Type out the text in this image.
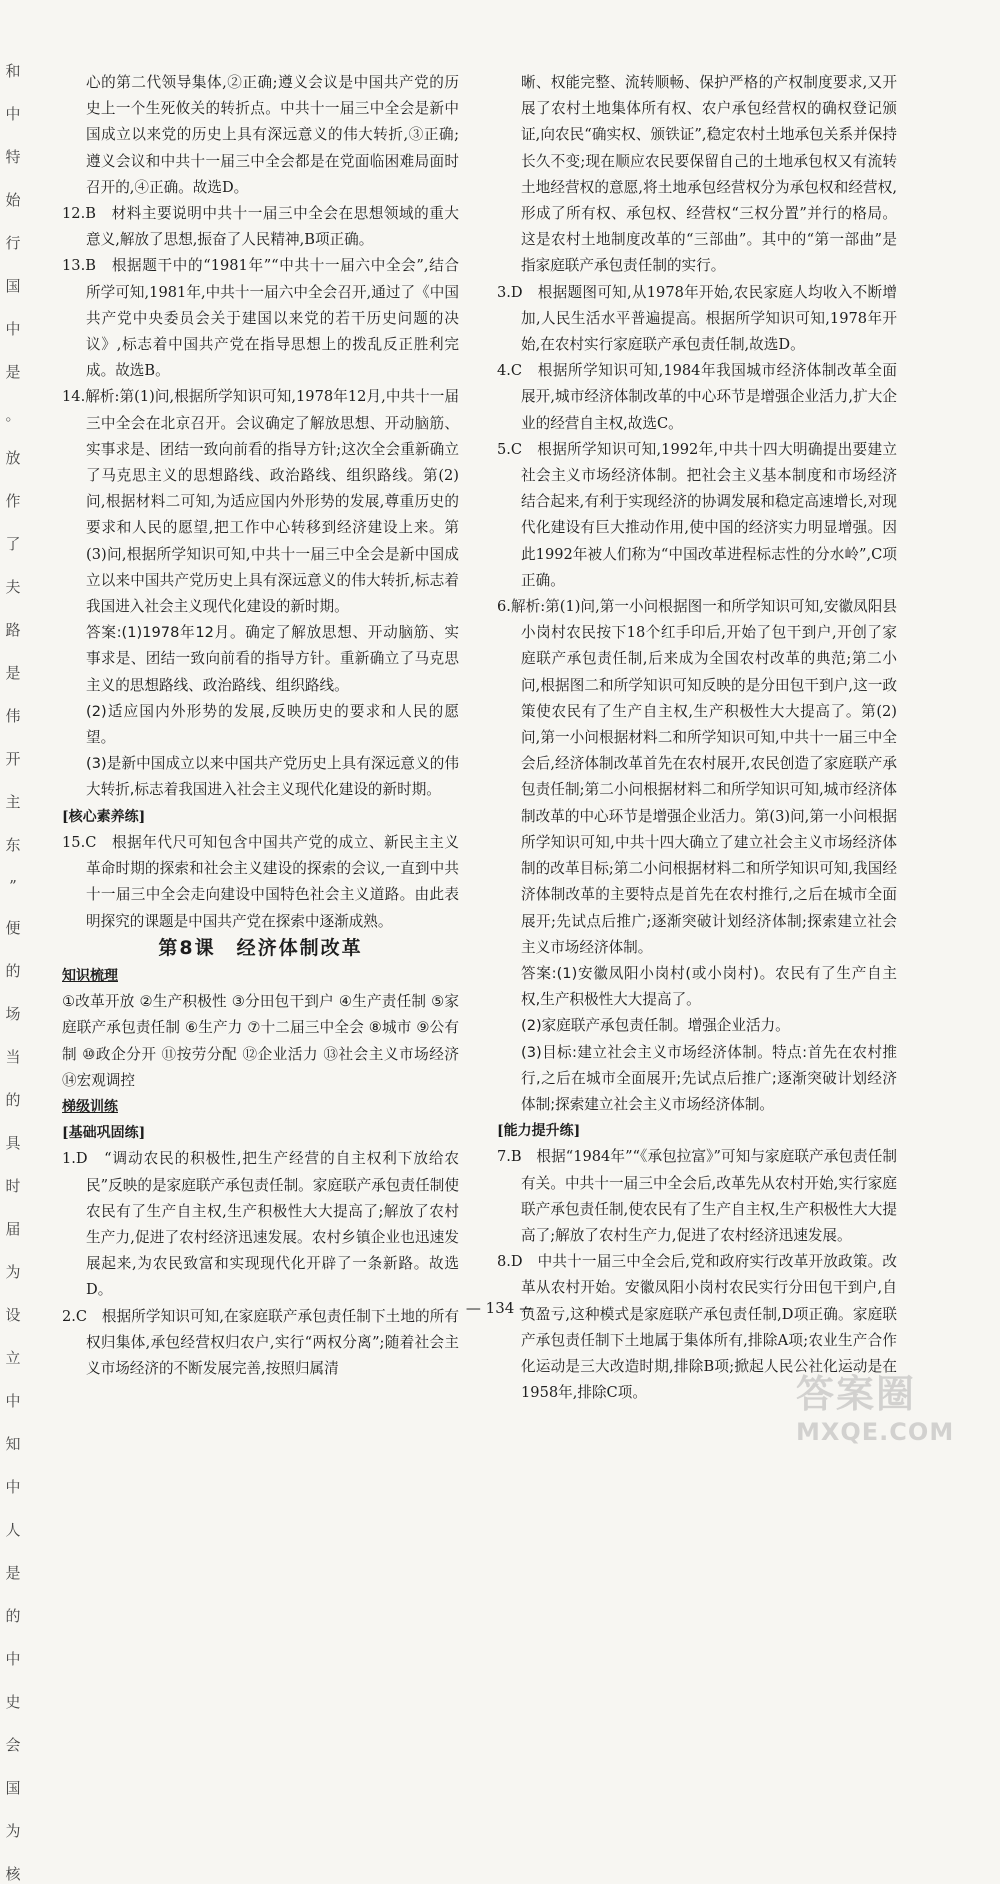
和
中
特
始
行
国
中
是
。
放
作
了
夫
路
是
伟
开
主
东
”
便
的
场
当
的
具
时
届
为
设
立
中
知
中
人
是
的
中
史
会
国
为
核

心的第二代领导集体,②正确;遵义会议是中国共产党的历史上一个生死攸关的转折点。中共十一届三中全会是新中国成立以来党的历史上具有深远意义的伟大转折,③正确;遵义会议和中共十一届三中全会都是在党面临困难局面时召开的,④正确。故选D。

12.B　材料主要说明中共十一届三中全会在思想领域的重大意义,解放了思想,振奋了人民精神,B项正确。

13.B　根据题干中的“1981年”“中共十一届六中全会”,结合所学可知,1981年,中共十一届六中全会召开,通过了《中国共产党中央委员会关于建国以来党的若干历史问题的决议》,标志着中国共产党在指导思想上的拨乱反正胜利完成。故选B。

14.解析:第(1)问,根据所学知识可知,1978年12月,中共十一届三中全会在北京召开。会议确定了解放思想、开动脑筋、实事求是、团结一致向前看的指导方针;这次全会重新确立了马克思主义的思想路线、政治路线、组织路线。第(2)问,根据材料二可知,为适应国内外形势的发展,尊重历史的要求和人民的愿望,把工作中心转移到经济建设上来。第(3)问,根据所学知识可知,中共十一届三中全会是新中国成立以来中国共产党历史上具有深远意义的伟大转折,标志着我国进入社会主义现代化建设的新时期。

答案:(1)1978年12月。确定了解放思想、开动脑筋、实事求是、团结一致向前看的指导方针。重新确立了马克思主义的思想路线、政治路线、组织路线。

(2)适应国内外形势的发展,反映历史的要求和人民的愿望。

(3)是新中国成立以来中国共产党历史上具有深远意义的伟大转折,标志着我国进入社会主义现代化建设的新时期。

[核心素养练]

15.C　根据年代尺可知包含中国共产党的成立、新民主主义革命时期的探索和社会主义建设的探索的会议,一直到中共十一届三中全会走向建设中国特色社会主义道路。由此表明探究的课题是中国共产党在探索中逐渐成熟。

第8课　经济体制改革

知识梳理

①改革开放 ②生产积极性 ③分田包干到户 ④生产责任制 ⑤家庭联产承包责任制 ⑥生产力 ⑦十二届三中全会 ⑧城市 ⑨公有制 ⑩政企分开 ⑪按劳分配 ⑫企业活力 ⑬社会主义市场经济 ⑭宏观调控

梯级训练

[基础巩固练]

1.D　“调动农民的积极性,把生产经营的自主权利下放给农民”反映的是家庭联产承包责任制。家庭联产承包责任制使农民有了生产自主权,生产积极性大大提高了;解放了农村生产力,促进了农村经济迅速发展。农村乡镇企业也迅速发展起来,为农民致富和实现现代化开辟了一条新路。故选D。

2.C　根据所学知识可知,在家庭联产承包责任制下土地的所有权归集体,承包经营权归农户,实行“两权分离”;随着社会主义市场经济的不断发展完善,按照归属清

晰、权能完整、流转顺畅、保护严格的产权制度要求,又开展了农村土地集体所有权、农户承包经营权的确权登记颁证,向农民“确实权、颁铁证”,稳定农村土地承包关系并保持长久不变;现在顺应农民要保留自己的土地承包权又有流转土地经营权的意愿,将土地承包经营权分为承包权和经营权,形成了所有权、承包权、经营权“三权分置”并行的格局。这是农村土地制度改革的“三部曲”。其中的“第一部曲”是指家庭联产承包责任制的实行。

3.D　根据题图可知,从1978年开始,农民家庭人均收入不断增加,人民生活水平普遍提高。根据所学知识可知,1978年开始,在农村实行家庭联产承包责任制,故选D。

4.C　根据所学知识可知,1984年我国城市经济体制改革全面展开,城市经济体制改革的中心环节是增强企业活力,扩大企业的经营自主权,故选C。

5.C　根据所学知识可知,1992年,中共十四大明确提出要建立社会主义市场经济体制。把社会主义基本制度和市场经济结合起来,有利于实现经济的协调发展和稳定高速增长,对现代化建设有巨大推动作用,使中国的经济实力明显增强。因此1992年被人们称为“中国改革进程标志性的分水岭”,C项正确。

6.解析:第(1)问,第一小问根据图一和所学知识可知,安徽凤阳县小岗村农民按下18个红手印后,开始了包干到户,开创了家庭联产承包责任制,后来成为全国农村改革的典范;第二小问,根据图二和所学知识可知反映的是分田包干到户,这一政策使农民有了生产自主权,生产积极性大大提高了。第(2)问,第一小问根据材料二和所学知识可知,中共十一届三中全会后,经济体制改革首先在农村展开,农民创造了家庭联产承包责任制;第二小问根据材料二和所学知识可知,城市经济体制改革的中心环节是增强企业活力。第(3)问,第一小问根据所学知识可知,中共十四大确立了建立社会主义市场经济体制的改革目标;第二小问根据材料二和所学知识可知,我国经济体制改革的主要特点是首先在农村推行,之后在城市全面展开;先试点后推广;逐渐突破计划经济体制;探索建立社会主义市场经济体制。

答案:(1)安徽凤阳小岗村(或小岗村)。农民有了生产自主权,生产积极性大大提高了。

(2)家庭联产承包责任制。增强企业活力。

(3)目标:建立社会主义市场经济体制。特点:首先在农村推行,之后在城市全面展开;先试点后推广;逐渐突破计划经济体制;探索建立社会主义市场经济体制。

[能力提升练]

7.B　根据“1984年”“《承包拉富》”可知与家庭联产承包责任制有关。中共十一届三中全会后,改革先从农村开始,实行家庭联产承包责任制,使农民有了生产自主权,生产积极性大大提高了;解放了农村生产力,促进了农村经济迅速发展。

8.D　中共十一届三中全会后,党和政府实行改革开放政策。改革从农村开始。安徽凤阳小岗村农民实行分田包干到户,自负盈亏,这种模式是家庭联产承包责任制,D项正确。家庭联产承包责任制下土地属于集体所有,排除A项;农业生产合作化运动是三大改造时期,排除B项;掀起人民公社化运动是在1958年,排除C项。

— 134 —
答案圈
MXQE.COM
